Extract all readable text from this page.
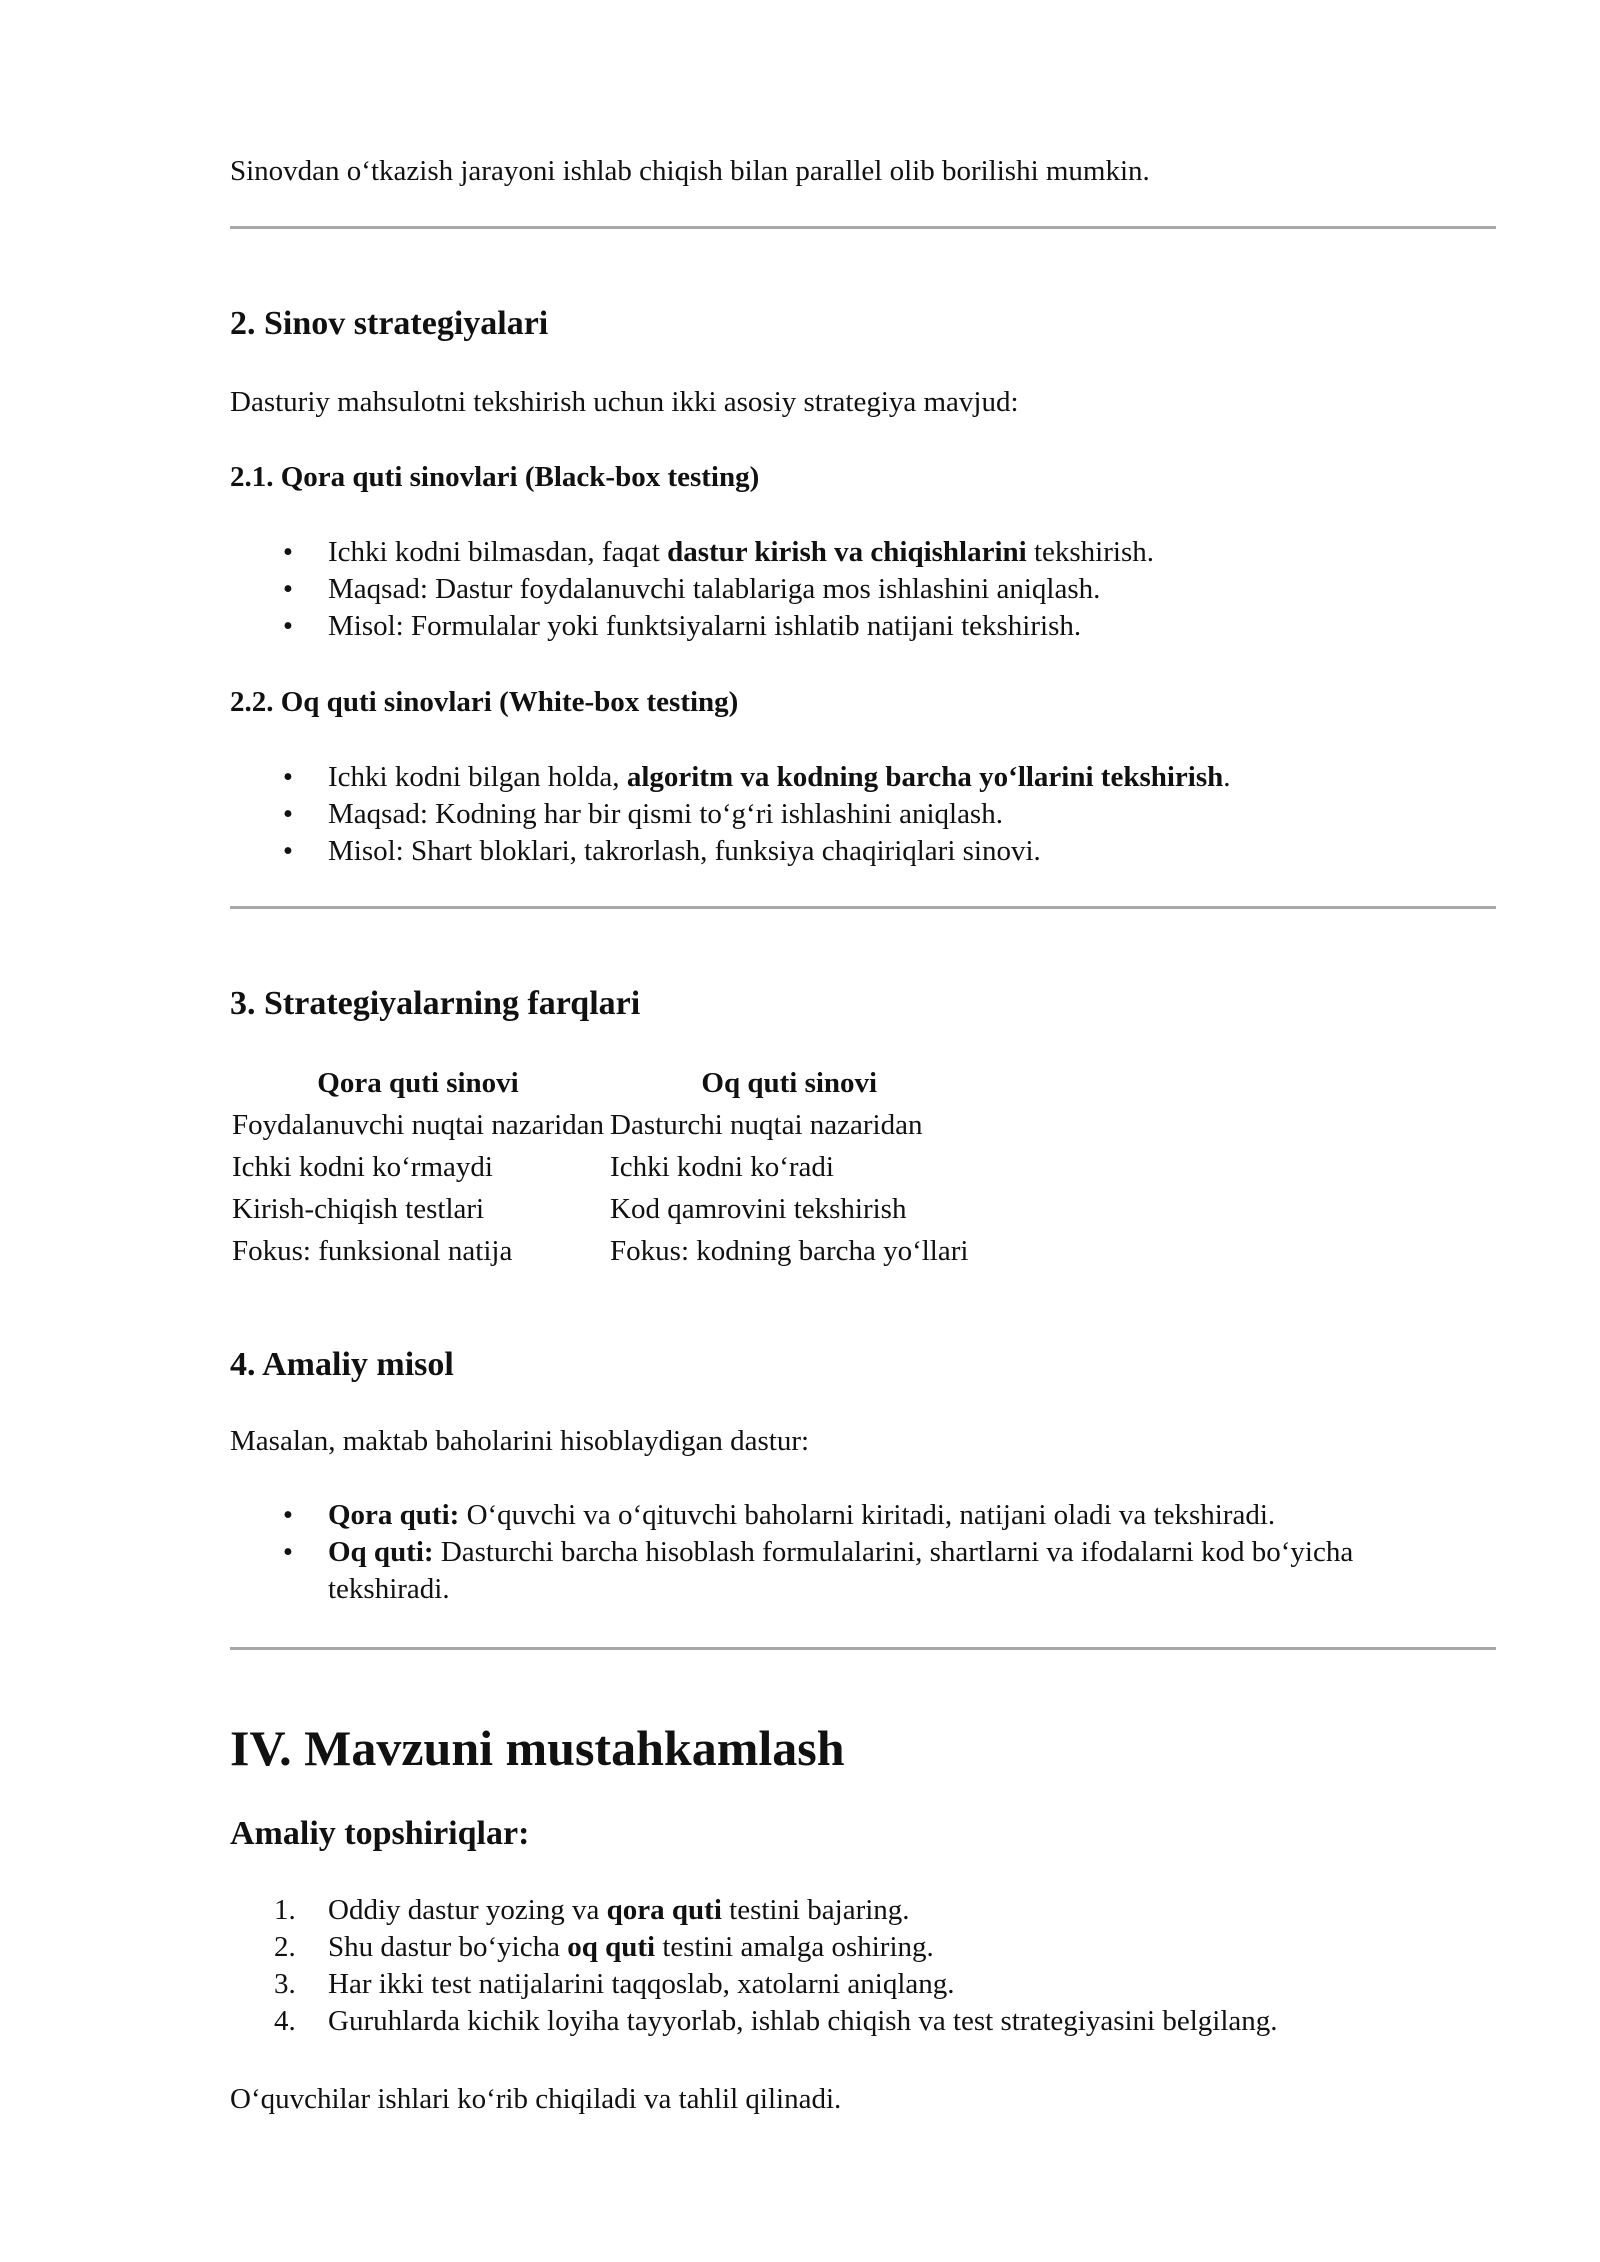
Sinovdan o‘tkazish jarayoni ishlab chiqish bilan parallel olib borilishi mumkin.

2. Sinov strategiyalari

Dasturiy mahsulotni tekshirish uchun ikki asosiy strategiya mavjud:

2.1. Qora quti sinovlari (Black-box testing)
• Ichki kodni bilmasdan, faqat dastur kirish va chiqishlarini tekshirish.
• Maqsad: Dastur foydalanuvchi talablariga mos ishlashini aniqlash.
• Misol: Formulalar yoki funktsiyalarni ishlatib natijani tekshirish.
2.2. Oq quti sinovlari (White-box testing)
• Ichki kodni bilgan holda, algoritm va kodning barcha yo‘llarini tekshirish.
• Maqsad: Kodning har bir qismi to‘g‘ri ishlashini aniqlash.
• Misol: Shart bloklari, takrorlash, funksiya chaqiriqlari sinovi.
3. Strategiyalarning farqlari
Qora quti sinovi	Oq quti sinovi
Foydalanuvchi nuqtai nazaridan	Dasturchi nuqtai nazaridan
Ichki kodni ko‘rmaydi	Ichki kodni ko‘radi
Kirish-chiqish testlari	Kod qamrovini tekshirish
Fokus: funksional natija	Fokus: kodning barcha yo‘llari
4. Amaliy misol

Masalan, maktab baholarini hisoblaydigan dastur:

• Qora quti: O‘quvchi va o‘qituvchi baholarni kiritadi, natijani oladi va tekshiradi.
• Oq quti: Dasturchi barcha hisoblash formulalarini, shartlarni va ifodalarni kod bo‘yicha tekshiradi.
IV. Mavzuni mustahkamlash
Amaliy topshiriqlar:
1.	Oddiy dastur yozing va qora quti testini bajaring.
2.	Shu dastur bo‘yicha oq quti testini amalga oshiring.
3.	Har ikki test natijalarini taqqoslab, xatolarni aniqlang.
4.	Guruhlarda kichik loyiha tayyorlab, ishlab chiqish va test strategiyasini belgilang.

O‘quvchilar ishlari ko‘rib chiqiladi va tahlil qilinadi.
